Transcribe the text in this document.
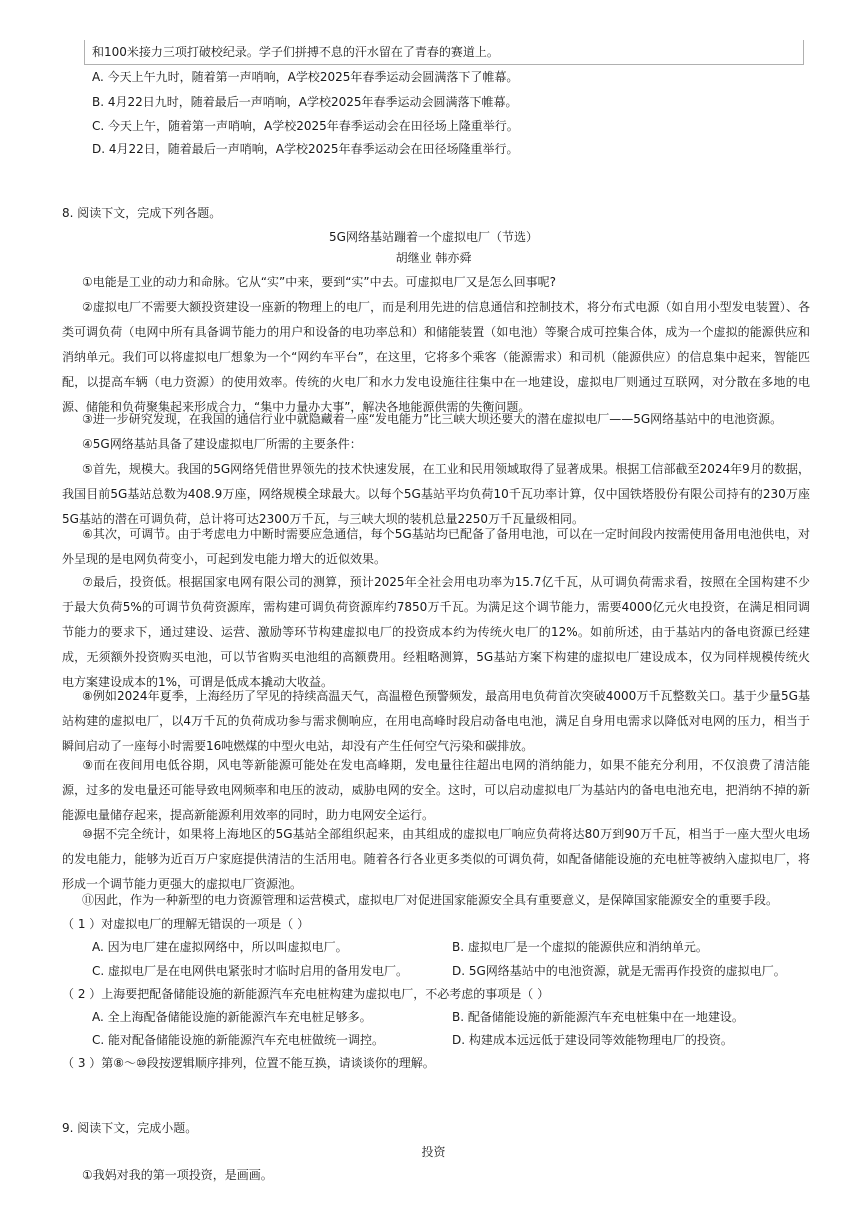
和100米接力三项打破校纪录。学子们拼搏不息的汗水留在了青春的赛道上。
A. 今天上午九时，随着第一声哨响，A学校2025年春季运动会圆满落下了帷幕。
B. 4月22日九时，随着最后一声哨响，A学校2025年春季运动会圆满落下帷幕。
C. 今天上午，随着第一声哨响，A学校2025年春季运动会在田径场上隆重举行。
D. 4月22日，随着最后一声哨响，A学校2025年春季运动会在田径场隆重举行。
8. 阅读下文，完成下列各题。
5G网络基站蹦着一个虚拟电厂（节选）
胡继业 韩亦舜
①电能是工业的动力和命脉。它从“实”中来，要到“实”中去。可虚拟电厂又是怎么回事呢?
②虚拟电厂不需要大额投资建设一座新的物理上的电厂，而是利用先进的信息通信和控制技术，将分布式电源（如自用小型发电装置）、各类可调负荷（电网中所有具备调节能力的用户和设备的电功率总和）和储能装置（如电池）等聚合成可控集合体，成为一个虚拟的能源供应和消纳单元。我们可以将虚拟电厂想象为一个“网约车平台”，在这里，它将多个乘客（能源需求）和司机（能源供应）的信息集中起来，智能匹配，以提高车辆（电力资源）的使用效率。传统的火电厂和水力发电设施往往集中在一地建设，虚拟电厂则通过互联网，对分散在多地的电源、储能和负荷聚集起来形成合力，“集中力量办大事”，解决各地能源供需的失衡问题。
③进一步研究发现，在我国的通信行业中就隐藏着一座“发电能力”比三峡大坝还要大的潜在虚拟电厂——5G网络基站中的电池资源。
④5G网络基站具备了建设虚拟电厂所需的主要条件：
⑤首先，规模大。我国的5G网络凭借世界领先的技术快速发展，在工业和民用领域取得了显著成果。根据工信部截至2024年9月的数据，我国目前5G基站总数为408.9万座，网络规模全球最大。以每个5G基站平均负荷10千瓦功率计算，仅中国铁塔股份有限公司持有的230万座5G基站的潜在可调负荷，总计将可达2300万千瓦，与三峡大坝的装机总量2250万千瓦量级相同。
⑥其次，可调节。由于考虑电力中断时需要应急通信，每个5G基站均已配备了备用电池，可以在一定时间段内按需使用备用电池供电，对外呈现的是电网负荷变小，可起到发电能力增大的近似效果。
⑦最后，投资低。根据国家电网有限公司的测算，预计2025年全社会用电功率为15.7亿千瓦，从可调负荷需求看，按照在全国构建不少于最大负荷5%的可调节负荷资源库，需构建可调负荷资源库约7850万千瓦。为满足这个调节能力，需要4000亿元火电投资，在满足相同调节能力的要求下，通过建设、运营、激励等环节构建虚拟电厂的投资成本约为传统火电厂的12%。如前所述，由于基站内的备电资源已经建成，无须额外投资购买电池，可以节省购买电池组的高额费用。经粗略测算，5G基站方案下构建的虚拟电厂建设成本，仅为同样规模传统火电方案建设成本的1%，可谓是低成本撬动大收益。
⑧例如2024年夏季，上海经历了罕见的持续高温天气，高温橙色预警频发，最高用电负荷首次突破4000万千瓦整数关口。基于少量5G基站构建的虚拟电厂，以4万千瓦的负荷成功参与需求侧响应，在用电高峰时段启动备电电池，满足自身用电需求以降低对电网的压力，相当于瞬间启动了一座每小时需要16吨燃煤的中型火电站，却没有产生任何空气污染和碳排放。
⑨而在夜间用电低谷期，风电等新能源可能处在发电高峰期，发电量往往超出电网的消纳能力，如果不能充分利用，不仅浪费了清洁能源，过多的发电量还可能导致电网频率和电压的波动，威胁电网的安全。这时，可以启动虚拟电厂为基站内的备电电池充电，把消纳不掉的新能源电量储存起来，提高新能源利用效率的同时，助力电网安全运行。
⑩据不完全统计，如果将上海地区的5G基站全部组织起来，由其组成的虚拟电厂响应负荷将达80万到90万千瓦，相当于一座大型火电场的发电能力，能够为近百万户家庭提供清洁的生活用电。随着各行各业更多类似的可调负荷，如配备储能设施的充电桩等被纳入虚拟电厂，将形成一个调节能力更强大的虚拟电厂资源池。
⑪因此，作为一种新型的电力资源管理和运营模式，虚拟电厂对促进国家能源安全具有重要意义，是保障国家能源安全的重要手段。
（ 1 ）对虚拟电厂的理解无错误的一项是（ ）
A. 因为电厂建在虚拟网络中，所以叫虚拟电厂。	B. 虚拟电厂是一个虚拟的能源供应和消纳单元。
C. 虚拟电厂是在电网供电紧张时才临时启用的备用发电厂。	D. 5G网络基站中的电池资源，就是无需再作投资的虚拟电厂。
（ 2 ）上海要把配备储能设施的新能源汽车充电桩构建为虚拟电厂，不必考虑的事项是（ ）
A. 全上海配备储能设施的新能源汽车充电桩足够多。	B. 配备储能设施的新能源汽车充电桩集中在一地建设。
C. 能对配备储能设施的新能源汽车充电桩做统一调控。	D. 构建成本远远低于建设同等效能物理电厂的投资。
（ 3 ）第⑧～⑩段按逻辑顺序排列，位置不能互换，请谈谈你的理解。
9. 阅读下文，完成小题。
投资
①我妈对我的第一项投资，是画画。
